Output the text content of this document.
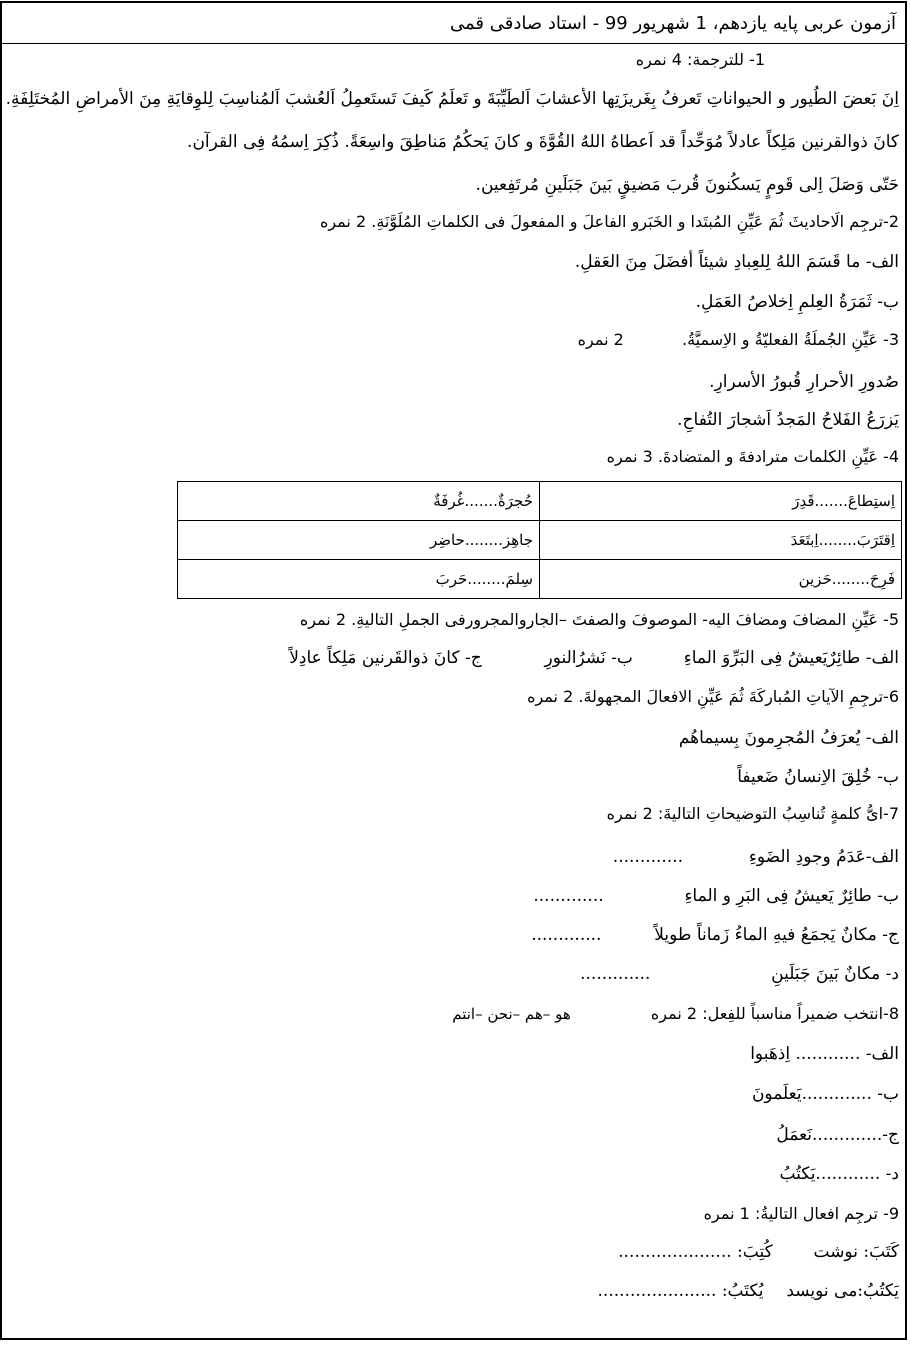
آزمون عربی پایه یازدهم، 1 شهریور 99 - استاد صادقی قمی
1- للترجمة: 4 نمره
اِنَ بَعضَ الطُیور و الحیواناتِ تَعرفُ بِغَریزَتِها الأعشابَ اَلطَیِّبَةَ و تَعلَمُ کَیفَ تَستَعمِلُ اَلعُشبَ اَلمُناسِبَ لِلوِقایَةِ مِنَ الأمراضِ المُختَلِفَةِ.
کانَ ذوالقرنین مَلِکاً عادلاً مُوَحِّداً قد اَعطاهُ اللهُ القُوَّةَ و کانَ یَحکُمُ مَناطِقَ واسِعَةً. ذُکِرَ اِسمُهُ فِی القرآن.
حَتّی وَصَلَ اِلی قَومٍ یَسکُنونَ قُربَ مَضیقٍ بَینَ جَبَلَینِ مُرتَفِعین.
2-ترجِم الَاحادیثَ ثُمَ عَیِّنِ المُبتَدا و الخَبَرو الفاعلَ و المفعولَ فی الکلماتِ المُلَوَّنَةِ. 2 نمره
الف- ما قَسَمَ اللهُ لِلعِبادِ شیئاً أفضَلَ مِنَ العَقلِ.
ب- ثَمَرَةُ العِلمِ اِخلاصُ العَمَلِ.
3- عَیِّنِ الجُملَةُ الفعلیّةُ و الاِسمیَّةُ.  2 نمره
صُدورِ الأحرارِ قُبورُ الأسرارِ.
یَزرَعُ الفَلاحُ المَجدُ اَشجارَ التُفاحِ.
4- عَیِّنِ الکلمات مترادفةَ و المتضادةَ. 3 نمره
اِستِطاعَ.......قَدِرَ	حُجرَةٌ.......غُرفَةٌ
اِقتَرَبَ........اِبتَعَدَ	جاهِز........حاضِر
فَرِحَ........حَزین	سِلمَ........حَربَ
5- عَیِّنِ المضافَ ومضافَ الیه- الموصوفَ والصفتَ –الجاروالمجرورفی الجملِ التالیةِ. 2 نمره
الف- طائِرٌیَعیشُ فِی البَرِّوَ الماءِ  ب- نَشرُالنورِ  ج- کانَ ذوالقَرنین مَلِکاً عادِلاً
6-ترجِمِ الآیاتِ المُبارکَةَ ثُمَ عَیِّنِ الافعالَ المجهولةَ. 2 نمره
الف- یُعرَفُ المُجرِمونَ بِسیماهُم
ب- خُلِقَ الاِنسانُ ضَعیفاً
7-ایُّ کلمةٍ تُناسِبُ التوضیحاتِ التالیةَ: 2 نمره
الف-عَدَمُ وجودِ الضَوءِ  .............
ب- طائِرٌ یَعیشُ فِی البَرِ و الماءِ  .............
ج- مکانٌ یَجمَعُ فیهِ الماءُ زَماناً طویلاً  .............
د- مکانٌ بَینَ جَبَلَینِ  .............
8-انتخب ضمیراً مناسباً للفِعل: 2 نمره  هو –هم –نحن –انتم
الف- ............ اِذهَبوا
ب- .............یَعلَمونَ
ج-.............نَعمَلُ
د- ............یَکتُبُ
9- ترجِم افعال التالیةُ: 1 نمره
کَتَبَ: نوشت  کُتِبَ: .....................
یَکتُبُ:می نویسد  یُکتَبُ: ......................
